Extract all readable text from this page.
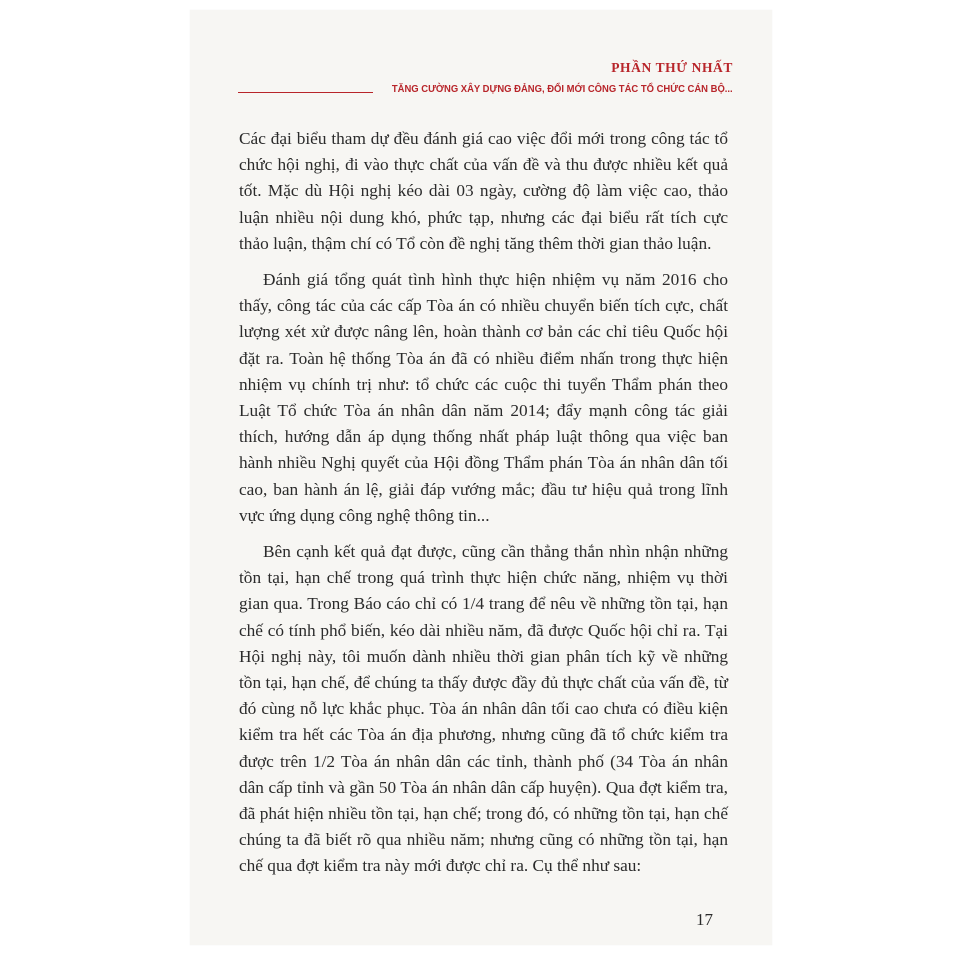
PHẦN THỨ NHẤT
TĂNG CƯỜNG XÂY DỰNG ĐẢNG, ĐỔI MỚI CÔNG TÁC TỔ CHỨC CÁN BỘ...

Các đại biểu tham dự đều đánh giá cao việc đổi mới trong công tác tổ chức hội nghị, đi vào thực chất của vấn đề và thu được nhiều kết quả tốt. Mặc dù Hội nghị kéo dài 03 ngày, cường độ làm việc cao, thảo luận nhiều nội dung khó, phức tạp, nhưng các đại biểu rất tích cực thảo luận, thậm chí có Tổ còn đề nghị tăng thêm thời gian thảo luận.

Đánh giá tổng quát tình hình thực hiện nhiệm vụ năm 2016 cho thấy, công tác của các cấp Tòa án có nhiều chuyển biến tích cực, chất lượng xét xử được nâng lên, hoàn thành cơ bản các chỉ tiêu Quốc hội đặt ra. Toàn hệ thống Tòa án đã có nhiều điểm nhấn trong thực hiện nhiệm vụ chính trị như: tổ chức các cuộc thi tuyển Thẩm phán theo Luật Tổ chức Tòa án nhân dân năm 2014; đẩy mạnh công tác giải thích, hướng dẫn áp dụng thống nhất pháp luật thông qua việc ban hành nhiều Nghị quyết của Hội đồng Thẩm phán Tòa án nhân dân tối cao, ban hành án lệ, giải đáp vướng mắc; đầu tư hiệu quả trong lĩnh vực ứng dụng công nghệ thông tin...

Bên cạnh kết quả đạt được, cũng cần thẳng thắn nhìn nhận những tồn tại, hạn chế trong quá trình thực hiện chức năng, nhiệm vụ thời gian qua. Trong Báo cáo chỉ có 1/4 trang để nêu về những tồn tại, hạn chế có tính phổ biến, kéo dài nhiều năm, đã được Quốc hội chỉ ra. Tại Hội nghị này, tôi muốn dành nhiều thời gian phân tích kỹ về những tồn tại, hạn chế, để chúng ta thấy được đầy đủ thực chất của vấn đề, từ đó cùng nỗ lực khắc phục. Tòa án nhân dân tối cao chưa có điều kiện kiểm tra hết các Tòa án địa phương, nhưng cũng đã tổ chức kiểm tra được trên 1/2 Tòa án nhân dân các tỉnh, thành phố (34 Tòa án nhân dân cấp tỉnh và gần 50 Tòa án nhân dân cấp huyện). Qua đợt kiểm tra, đã phát hiện nhiều tồn tại, hạn chế; trong đó, có những tồn tại, hạn chế chúng ta đã biết rõ qua nhiều năm; nhưng cũng có những tồn tại, hạn chế qua đợt kiểm tra này mới được chỉ ra. Cụ thể như sau:

17
